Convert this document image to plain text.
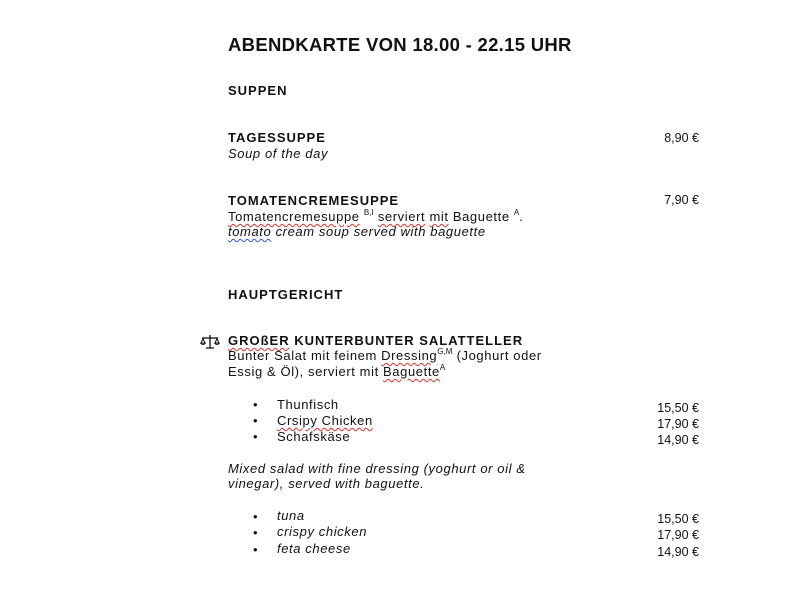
ABENDKARTE VON 18.00 - 22.15 UHR
SUPPEN
TAGESSUPPE
Soup of the day
8,90 €
TOMATENCREMESUPPE
Tomatencremesuppe $^{B,I}$ serviert mit Baguette $^A$.
tomato cream soup served with baguette
7,90 €
HAUPTGERICHT
GROßER KUNTERBUNTER SALATTELLER
Bunter Salat mit feinem Dressing$^{G,M}$ (Joghurt oder
Essig & Öl), serviert mit Baguette$^A$
• Thunfisch	15,50 €
• Crsipy Chicken	17,90 €
• Schafskäse	14,90 €
Mixed salad with fine dressing (yoghurt or oil &
vinegar), served with baguette.
• tuna	15,50 €
• crispy chicken	17,90 €
• feta cheese	14,90 €
